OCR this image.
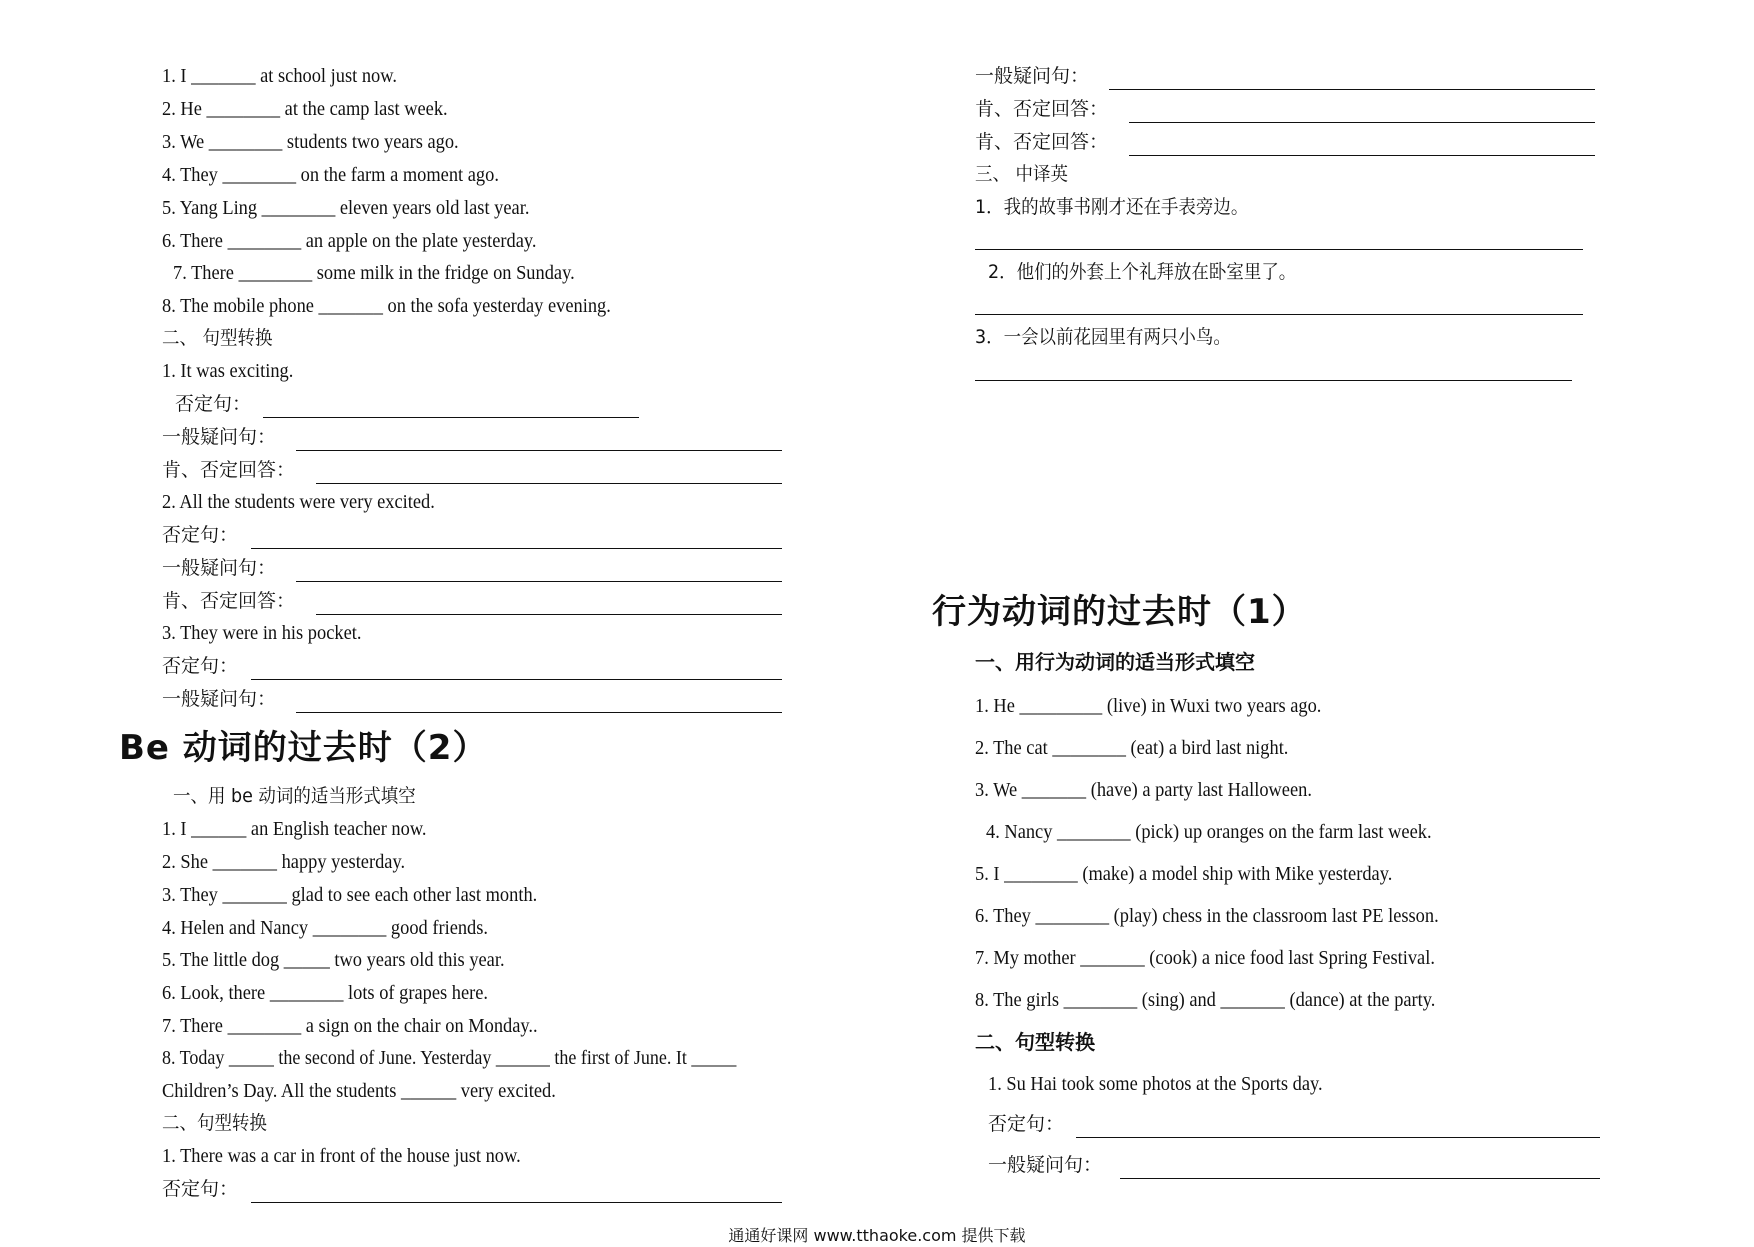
1. I _______ at school just now.
2. He ________ at the camp last week.
3. We ________ students two years ago.
4. They ________ on the farm a moment ago.
5. Yang Ling ________ eleven years old last year.
6. There ________ an apple on the plate yesterday.
7. There ________ some milk in the fridge on Sunday.
8. The mobile phone _______ on the sofa yesterday evening.
二、 句型转换
1. It was exciting.
否定句：
一般疑问句：
肯、否定回答：
2. All the students were very excited.
否定句：
一般疑问句：
肯、否定回答：
3. They were in his pocket.
否定句：
一般疑问句：
Be 动词的过去时（2）
一、用 be 动词的适当形式填空
1. I ______ an English teacher now.
2. She _______ happy yesterday.
3. They _______ glad to see each other last month.
4. Helen and Nancy ________ good friends.
5. The little dog _____ two years old this year.
6. Look, there ________ lots of grapes here.
7. There ________ a sign on the chair on Monday..
8. Today _____ the second of June. Yesterday ______ the first of June. It _____
Children’s Day. All the students ______ very excited.
二、句型转换
1. There was a car in front of the house just now.
否定句：
一般疑问句：
肯、否定回答：
肯、否定回答：
三、 中译英
1．我的故事书刚才还在手表旁边。
2．他们的外套上个礼拜放在卧室里了。
3．一会以前花园里有两只小鸟。
行为动词的过去时（1）
一、用行为动词的适当形式填空
1. He _________ (live) in Wuxi two years ago.
2. The cat ________ (eat) a bird last night.
3. We _______ (have) a party last Halloween.
4. Nancy ________ (pick) up oranges on the farm last week.
5. I ________ (make) a model ship with Mike yesterday.
6. They ________ (play) chess in the classroom last PE lesson.
7. My mother _______ (cook) a nice food last Spring Festival.
8. The girls ________ (sing) and _______ (dance) at the party.
二、句型转换
1. Su Hai took some photos at the Sports day.
否定句：
一般疑问句：
通通好课网 www.tthaoke.com 提供下载
